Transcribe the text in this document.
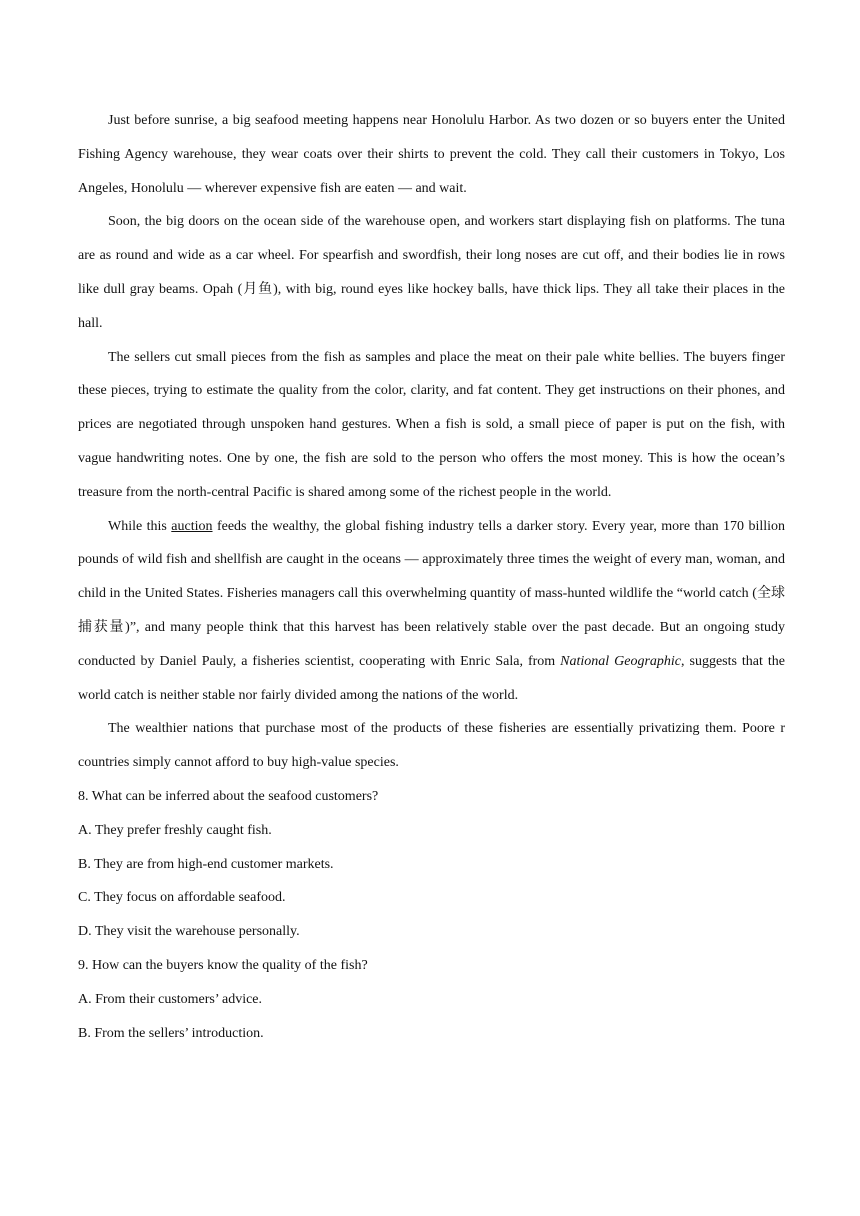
Just before sunrise, a big seafood meeting happens near Honolulu Harbor. As two dozen or so buyers enter the United Fishing Agency warehouse, they wear coats over their shirts to prevent the cold. They call their customers in Tokyo, Los Angeles, Honolulu — wherever expensive fish are eaten — and wait.

Soon, the big doors on the ocean side of the warehouse open, and workers start displaying fish on platforms. The tuna are as round and wide as a car wheel. For spearfish and swordfish, their long noses are cut off, and their bodies lie in rows like dull gray beams. Opah (月鱼), with big, round eyes like hockey balls, have thick lips. They all take their places in the hall.

The sellers cut small pieces from the fish as samples and place the meat on their pale white bellies. The buyers finger these pieces, trying to estimate the quality from the color, clarity, and fat content. They get instructions on their phones, and prices are negotiated through unspoken hand gestures. When a fish is sold, a small piece of paper is put on the fish, with vague handwriting notes. One by one, the fish are sold to the person who offers the most money. This is how the ocean’s treasure from the north-central Pacific is shared among some of the richest people in the world.

While this auction feeds the wealthy, the global fishing industry tells a darker story. Every year, more than 170 billion pounds of wild fish and shellfish are caught in the oceans — approximately three times the weight of every man, woman, and child in the United States. Fisheries managers call this overwhelming quantity of mass-hunted wildlife the “world catch (全球捕获量)”, and many people think that this harvest has been relatively stable over the past decade. But an ongoing study conducted by Daniel Pauly, a fisheries scientist, cooperating with Enric Sala, from National Geographic, suggests that the world catch is neither stable nor fairly divided among the nations of the world.

The wealthier nations that purchase most of the products of these fisheries are essentially privatizing them. Poore r countries simply cannot afford to buy high-value species.

8. What can be inferred about the seafood customers?

A. They prefer freshly caught fish.

B. They are from high-end customer markets.

C. They focus on affordable seafood.

D. They visit the warehouse personally.

9. How can the buyers know the quality of the fish?

A. From their customers’ advice.

B. From the sellers’ introduction.
